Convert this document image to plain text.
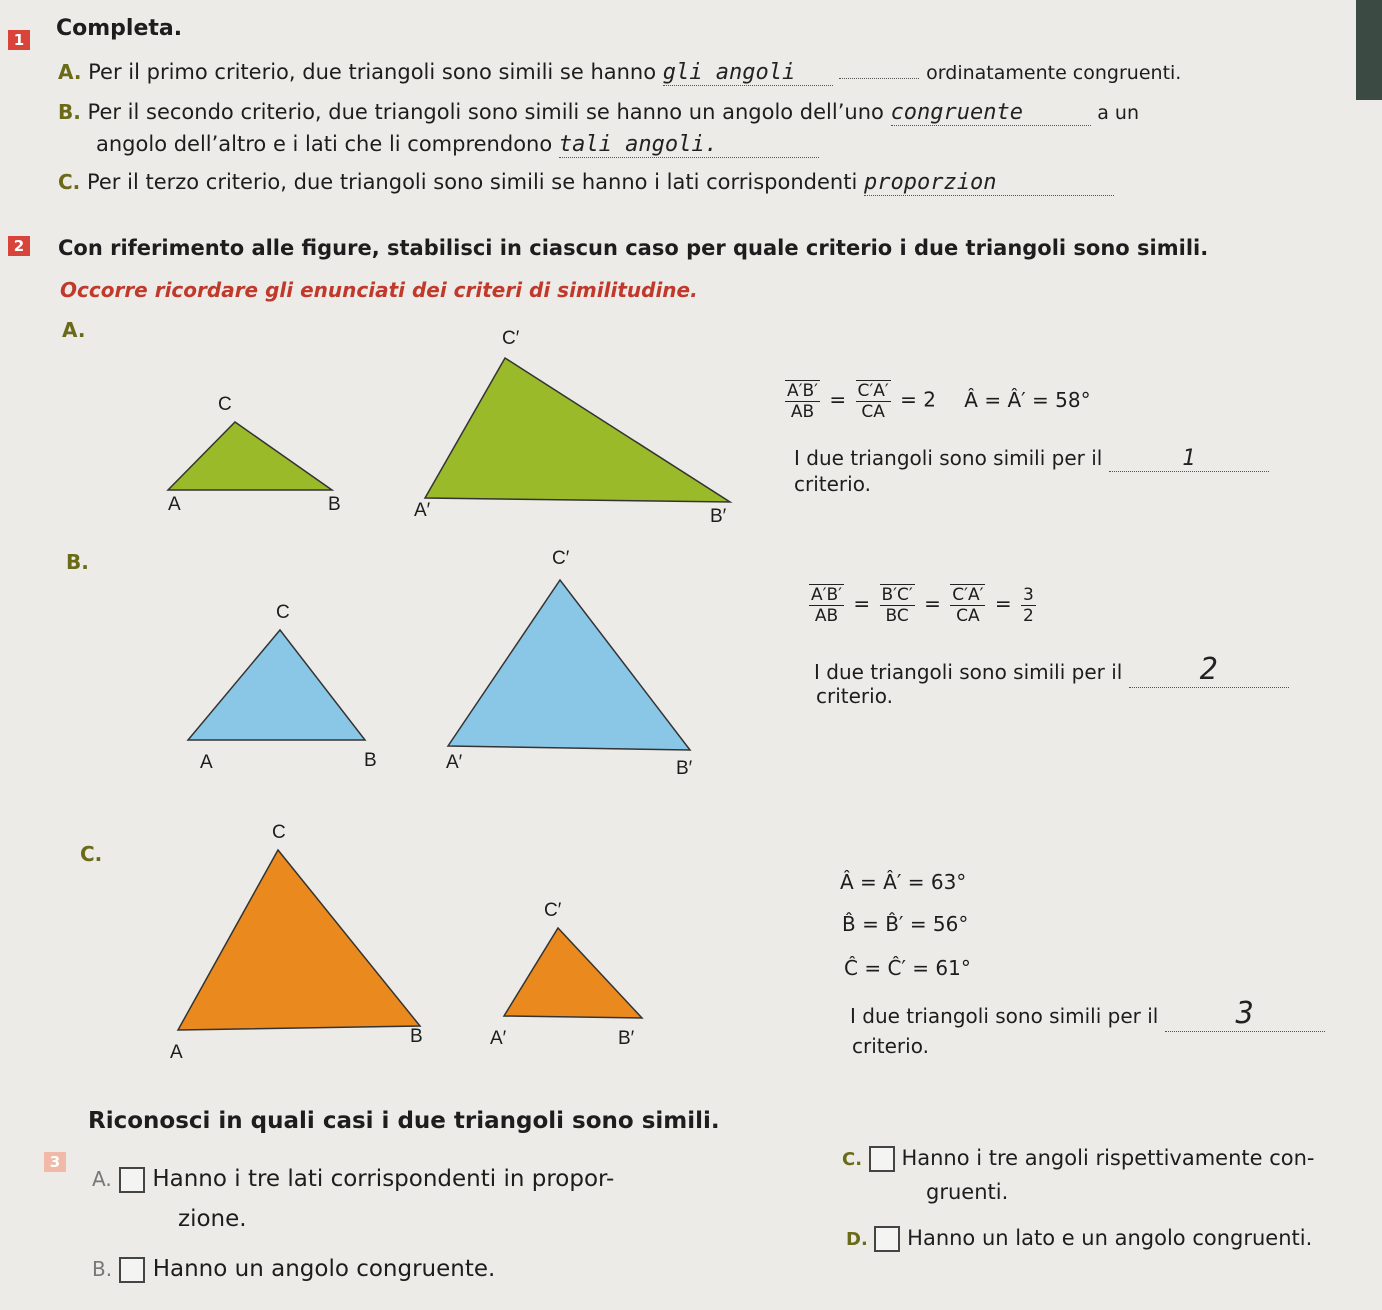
1 Completa.
A. Per il primo criterio, due triangoli sono simili se hanno gli angoli	ordinatamente congruenti.
B. Per il secondo criterio, due triangoli sono simili se hanno un angolo dell’uno congruente	a un
angolo dell’altro e i lati che li comprendono tali angoli.
C. Per il terzo criterio, due triangoli sono simili se hanno i lati corrispondenti proporzion
2 Con riferimento alle figure, stabilisci in ciascun caso per quale criterio i due triangoli sono simili.
Occorre ricordare gli enunciati dei criteri di similitudine.
A.
C
A	B
C′
A′	B′
$\frac{A'B'}{AB} = \frac{C'A'}{CA} = 2$ Â = Â′ = 58°
I due triangoli sono simili per il	1
criterio.
B.
C
A	B
C′
A′	B′
$\frac{A'B'}{AB} = \frac{B'C'}{BC} = \frac{C'A'}{CA} = \frac{3}{2}$
I due triangoli sono simili per il	2
criterio.
C.
C
A
B
C′
A′	B′
Â = Â′ = 63°
B̂ = B̂′ = 56°
Ĉ = Ĉ′ = 61°
I due triangoli sono simili per il	3
criterio.
3
Riconosci in quali casi i due triangoli sono simili.
A. Hanno i tre lati corrispondenti in propor-
zione.
B. Hanno un angolo congruente.
C. Hanno i tre angoli rispettivamente con-
gruenti.
D. Hanno un lato e un angolo congruenti.
